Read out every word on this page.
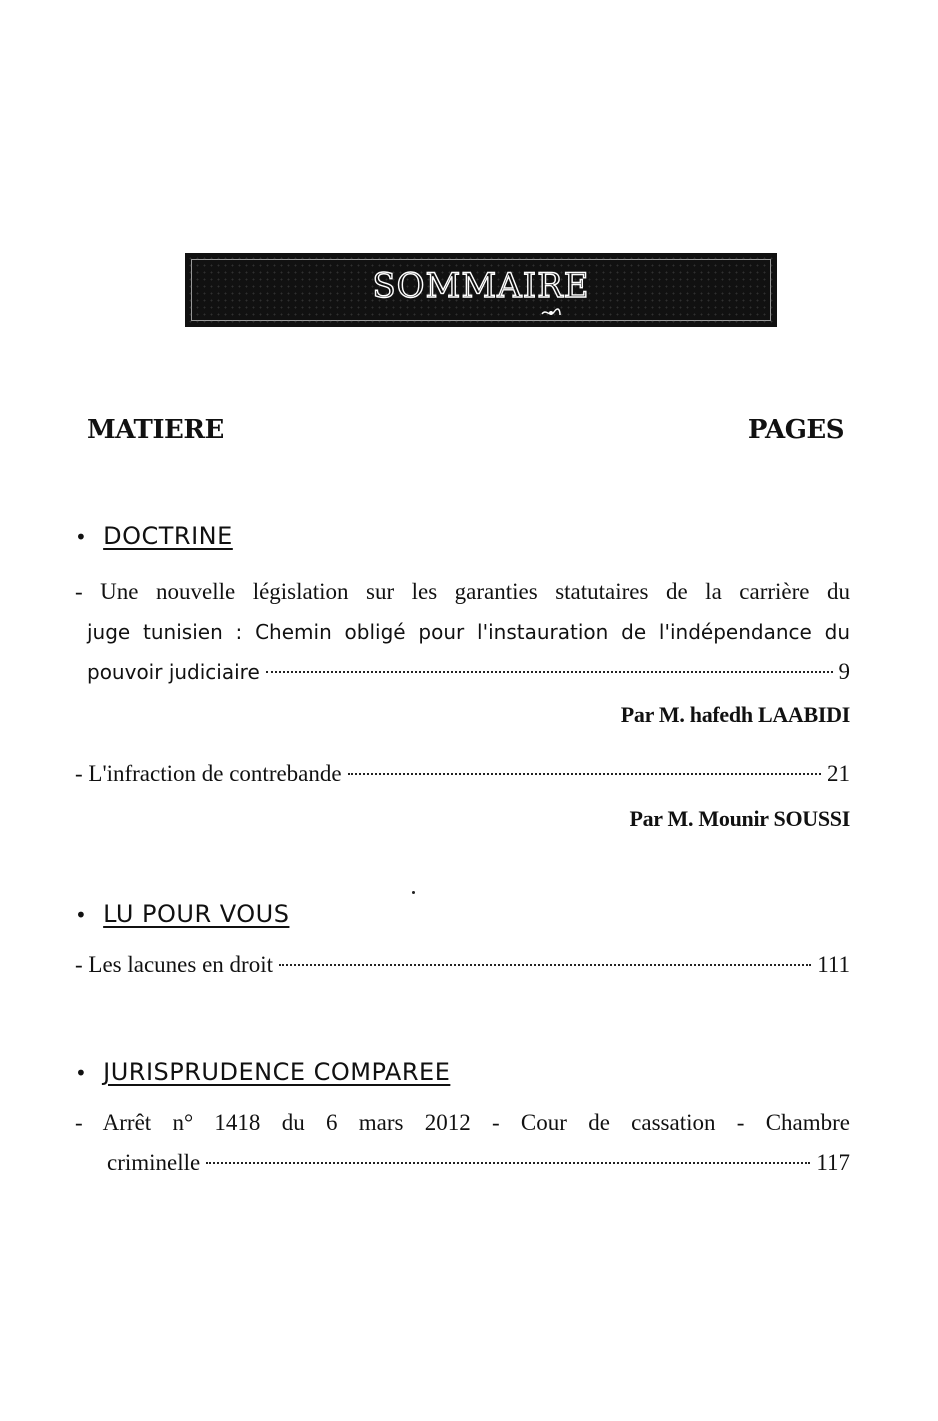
SOMMAIRE
MATIERE	PAGES
• DOCTRINE
- Une nouvelle législation sur les garanties statutaires de la carrière du
juge tunisien : Chemin obligé pour l'instauration de l'indépendance du
pouvoir judiciaire	9
Par M. hafedh LAABIDI
- L'infraction de contrebande	21
Par M. Mounir SOUSSI
• LU POUR VOUS
- Les lacunes en droit	111
• JURISPRUDENCE COMPAREE
- Arrêt n° 1418 du 6 mars 2012 - Cour de cassation - Chambre
criminelle	117
